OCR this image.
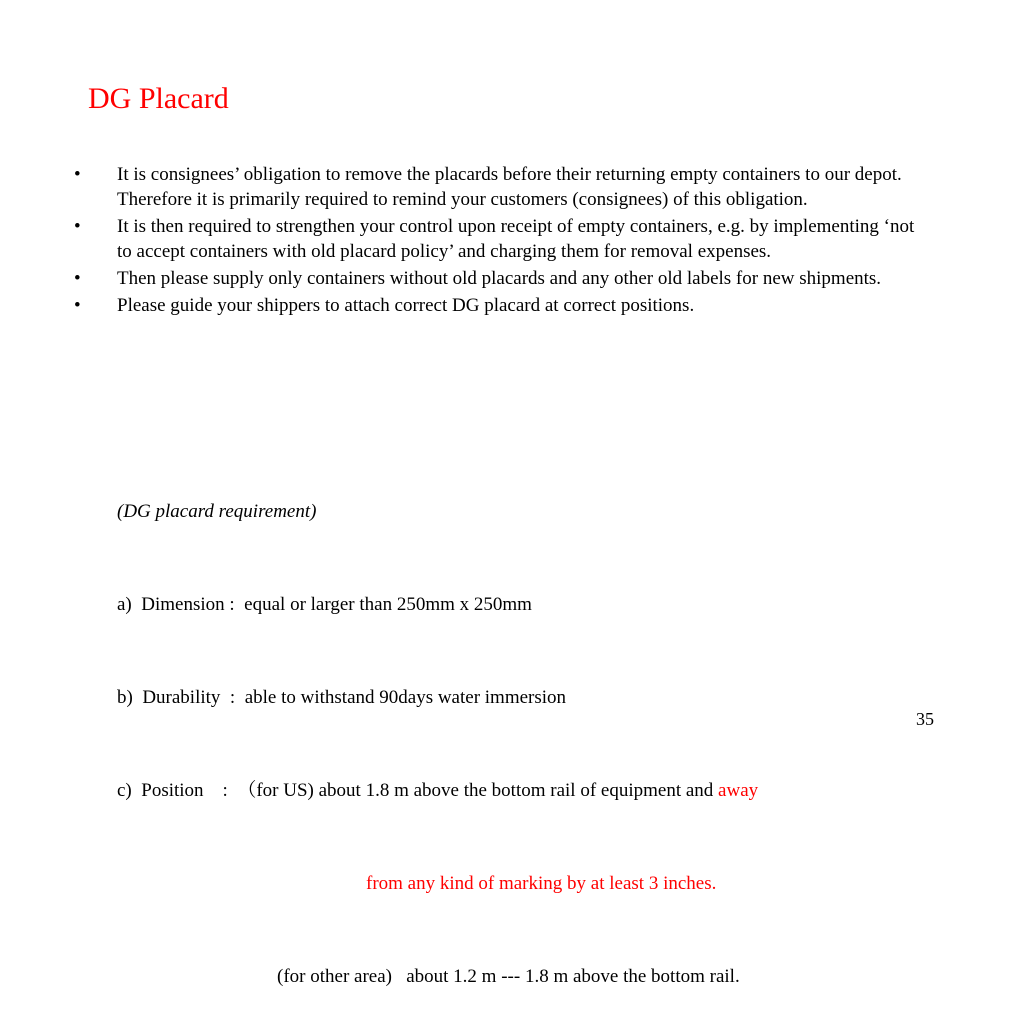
DG Placard
•	It is consignees’ obligation to remove the placards before their returning empty containers to our depot. Therefore it is primarily required to remind your customers (consignees) of this obligation.
•	It is then required to strengthen your control upon receipt of empty containers, e.g. by implementing ‘not to accept containers with old placard policy’ and charging them for removal expenses.
•	Then please supply only containers without old placards and any other old labels for new shipments.
•	Please guide your shippers to attach correct DG placard at correct positions.

(DG placard requirement)

a)  Dimension :  equal or larger than 250mm x 250mm

b)  Durability  :  able to withstand 90days water immersion

c)  Position    :  （for US) about 1.8 m above the bottom rail of equipment and away

from any kind of marking by at least 3 inches.

(for other area)   about 1.2 m --- 1.8 m above the bottom rail.

35
